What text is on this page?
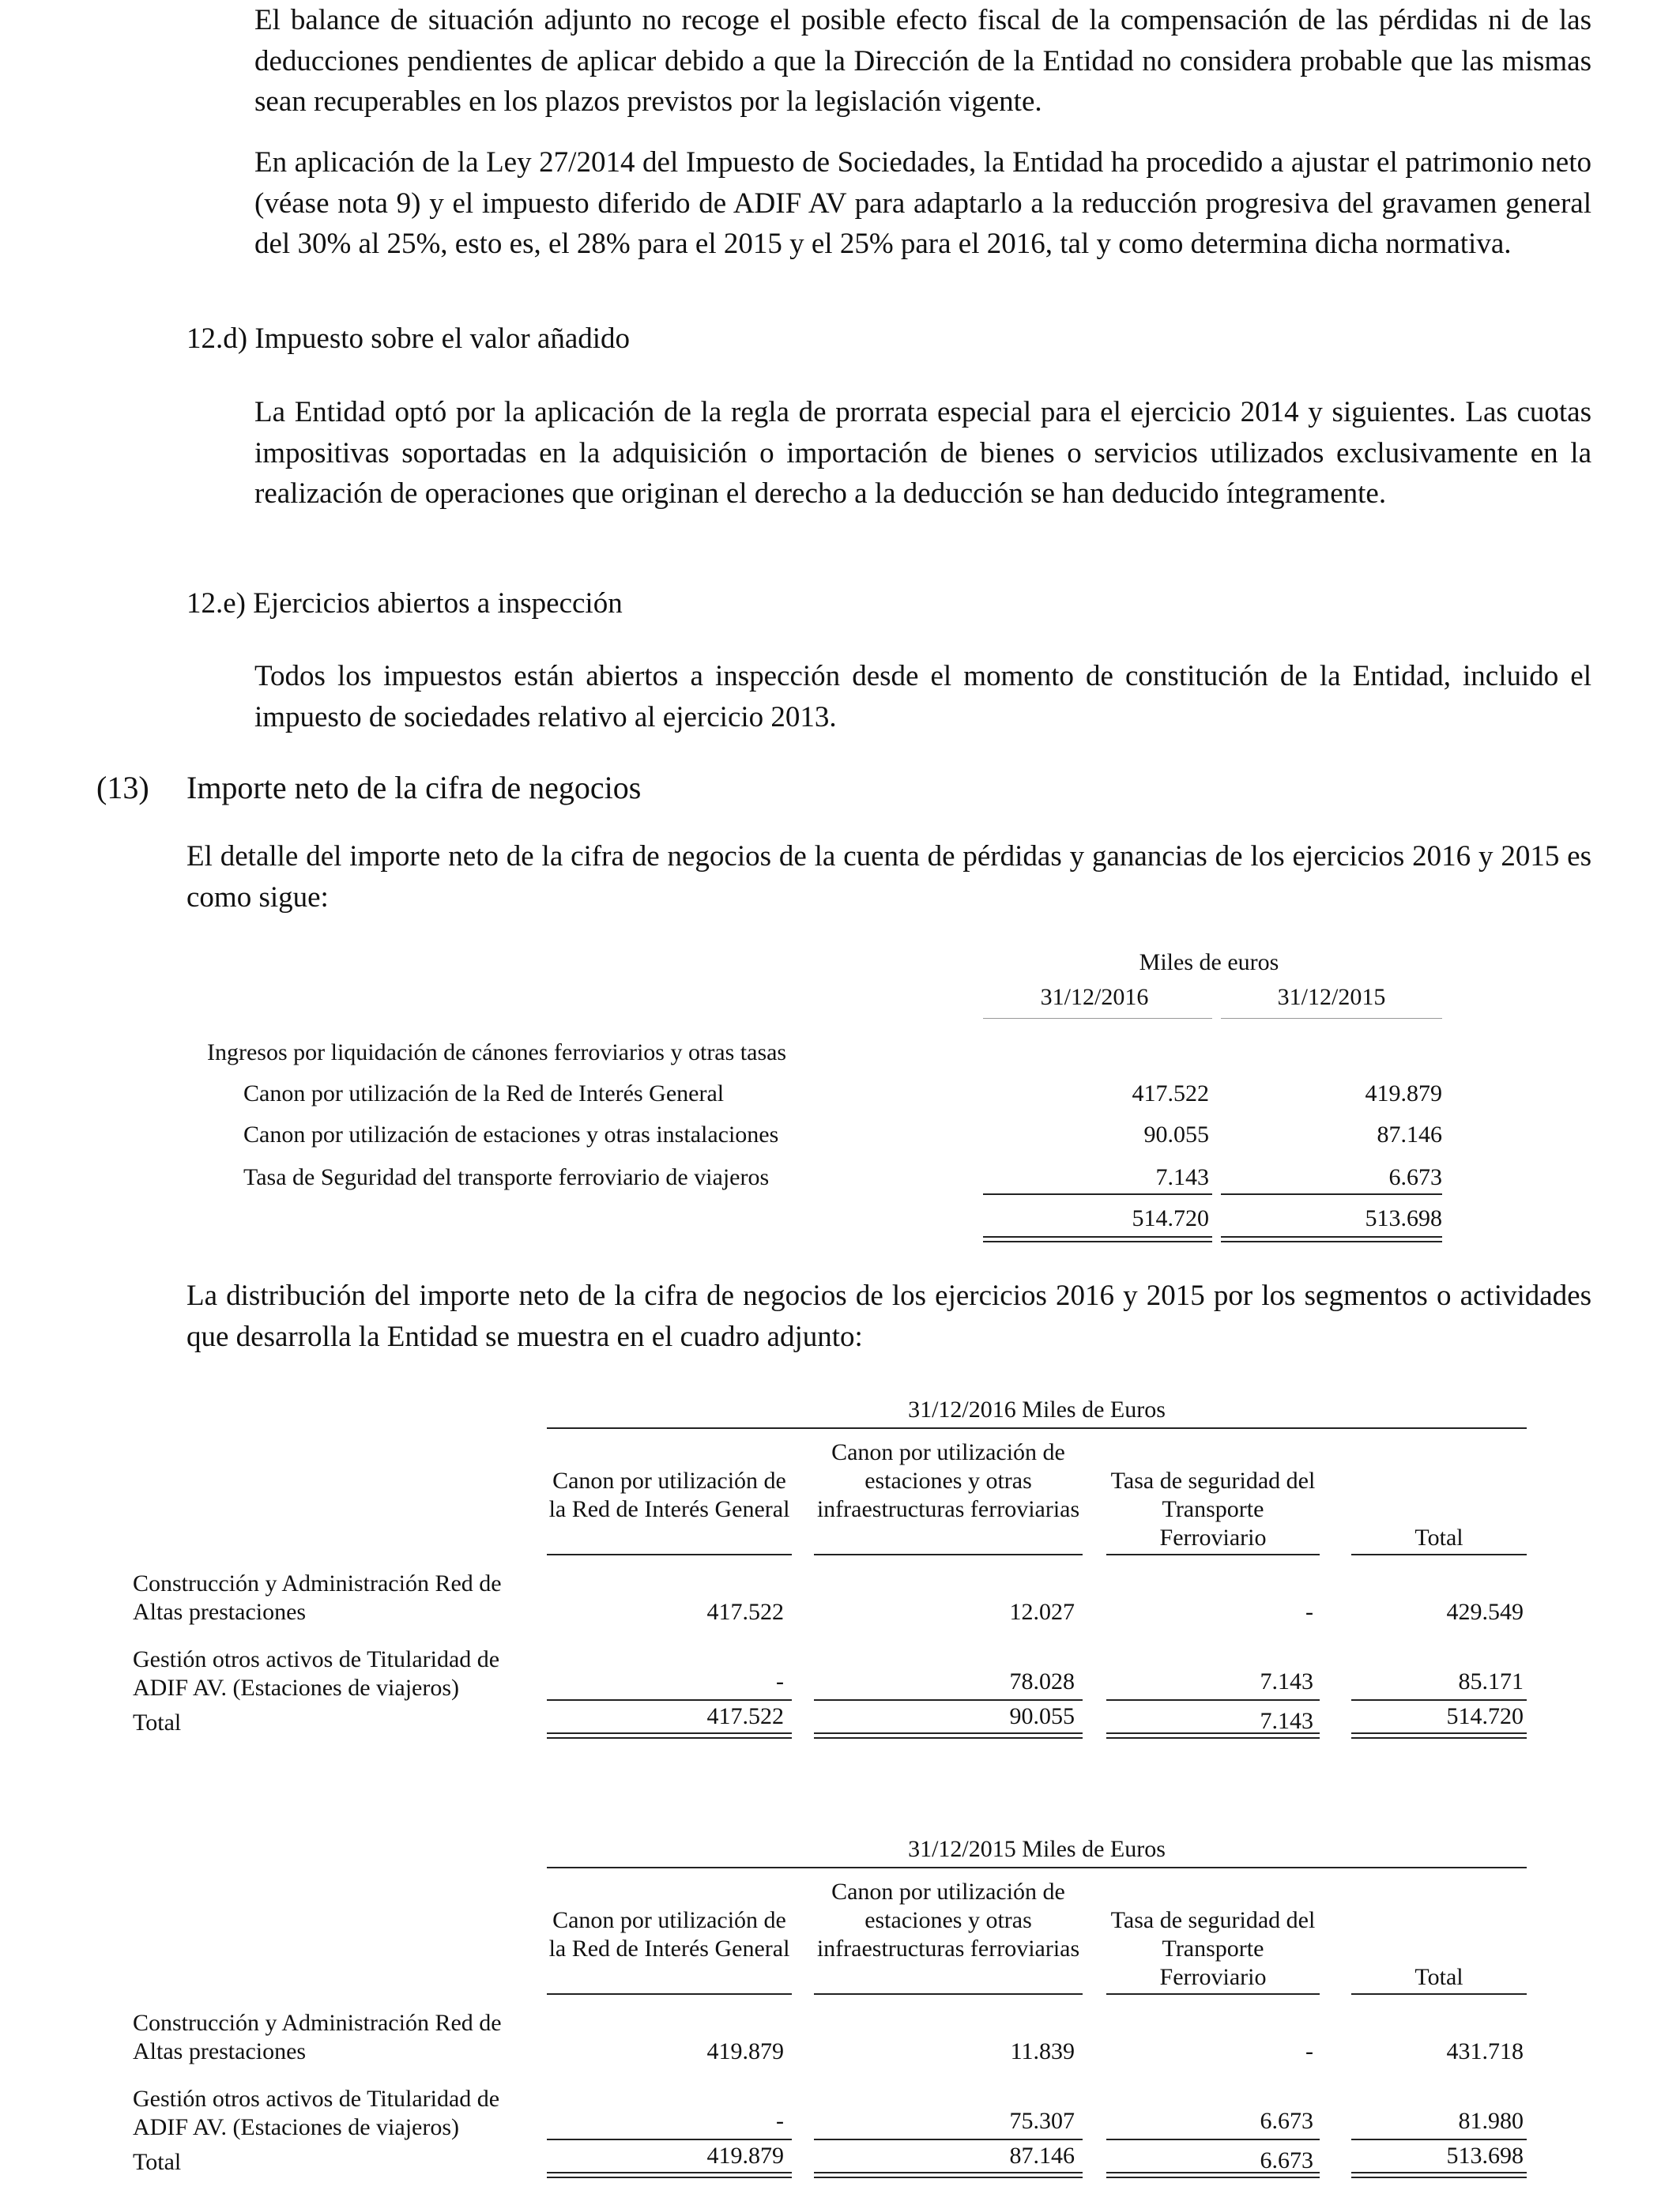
El balance de situación adjunto no recoge el posible efecto fiscal de la compensación de las pérdidas ni de las deducciones pendientes de aplicar debido a que la Dirección de la Entidad no considera probable que las mismas sean recuperables en los plazos previstos por la legislación vigente.

En aplicación de la Ley 27/2014 del Impuesto de Sociedades, la Entidad ha procedido a ajustar el patrimonio neto (véase nota 9) y el impuesto diferido de ADIF AV para adaptarlo a la reducción progresiva del gravamen general del 30% al 25%, esto es, el 28% para el 2015 y el 25% para el 2016, tal y como determina dicha normativa.

12.d) Impuesto sobre el valor añadido

La Entidad optó por la aplicación de la regla de prorrata especial para el ejercicio 2014 y siguientes. Las cuotas impositivas soportadas en la adquisición o importación de bienes o servicios utilizados exclusivamente en la realización de operaciones que originan el derecho a la deducción se han deducido íntegramente.

12.e) Ejercicios abiertos a inspección

Todos los impuestos están abiertos a inspección desde el momento de constitución de la Entidad, incluido el impuesto de sociedades relativo al ejercicio 2013.

(13) Importe neto de la cifra de negocios

El detalle del importe neto de la cifra de negocios de la cuenta de pérdidas y ganancias de los ejercicios 2016 y 2015 es como sigue:

Miles de euros
31/12/2016	31/12/2015
Ingresos por liquidación de cánones ferroviarios y otras tasas
Canon por utilización de la Red de Interés General	417.522	419.879
Canon por utilización de estaciones y otras instalaciones	90.055	87.146
Tasa de Seguridad del transporte ferroviario de viajeros	7.143	6.673
514.720	513.698

La distribución del importe neto de la cifra de negocios de los ejercicios 2016 y 2015 por los segmentos o actividades que desarrolla la Entidad se muestra en el cuadro adjunto:

31/12/2016 Miles de Euros
Canon por utilización de la Red de Interés General
Canon por utilización de estaciones y otras infraestructuras ferroviarias
Tasa de seguridad del Transporte Ferroviario	Total
Construcción y Administración Red de Altas prestaciones	417.522	12.027	-	429.549
Gestión otros activos de Titularidad de ADIF AV. (Estaciones de viajeros)	-	78.028	7.143	85.171
Total	417.522	90.055	7.143	514.720
31/12/2015 Miles de Euros
Canon por utilización de la Red de Interés General
Canon por utilización de estaciones y otras infraestructuras ferroviarias
Tasa de seguridad del Transporte Ferroviario	Total
Construcción y Administración Red de Altas prestaciones	419.879	11.839	-	431.718
Gestión otros activos de Titularidad de ADIF AV. (Estaciones de viajeros)	-	75.307	6.673	81.980
Total	419.879	87.146	6.673	513.698
